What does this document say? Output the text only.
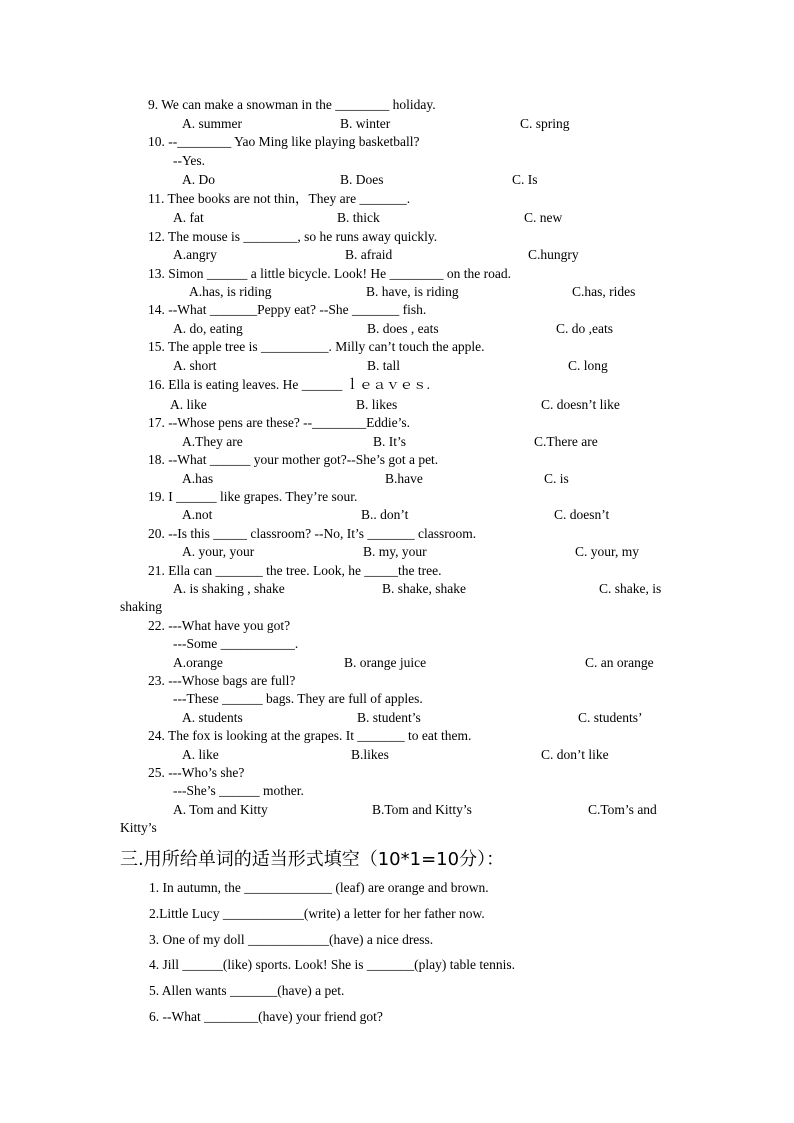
9. We can make a snowman in the ________ holiday.
A. summer	B. winter	C. spring
10. --________ Yao Ming like playing basketball?
--Yes.
A. Do	B. Does	C. Is
11. Thee books are not thin，They are _______.
A. fat	B. thick	C. new
12. The mouse is ________, so he runs away quickly.
A.angry	B. afraid	C.hungry
13. Simon ______ a little bicycle. Look! He ________ on the road.
A.has, is riding	B. have, is riding	C.has, rides
14. --What _______Peppy eat? --She _______ fish.
A. do, eating	B. does , eats	C. do ,eats
15. The apple tree is __________. Milly can’t touch the apple.
A. short	B. tall	C. long
16. Ella is eating leaves. He ______ ｌｅａｖｅｓ.
A. like	B. likes	C. doesn’t like
17. --Whose pens are these? --________Eddie’s.
A.They are	B. It’s	C.There are
18. --What ______ your mother got?--She’s got a pet.
A.has	B.have	C. is
19. I ______ like grapes. They’re sour.
A.not	B.. don’t	C. doesn’t
20. --Is this _____ classroom? --No, It’s _______ classroom.
A. your, your	B. my, your	C. your, my
21. Ella can _______ the tree. Look, he _____the tree.
A. is shaking , shake	B. shake, shake	C. shake, is
shaking
22. ---What have you got?
---Some ___________.
A.orange	B. orange juice	C. an orange
23. ---Whose bags are full?
---These ______ bags. They are full of apples.
A. students	B. student’s	C. students’
24. The fox is looking at the grapes. It _______ to eat them.
A. like	B.likes	C. don’t like
25. ---Who’s she?
---She’s ______ mother.
A. Tom and Kitty	B.Tom and Kitty’s	C.Tom’s and
Kitty’s
三.用所给单词的适当形式填空（10*1=10分）：
1. In autumn, the _____________ (leaf) are orange and brown.
2.Little Lucy ____________(write) a letter for her father now.
3. One of my doll ____________(have) a nice dress.
4. Jill ______(like) sports. Look! She is _______(play) table tennis.
5. Allen wants _______(have) a pet.
6. --What ________(have) your friend got?
